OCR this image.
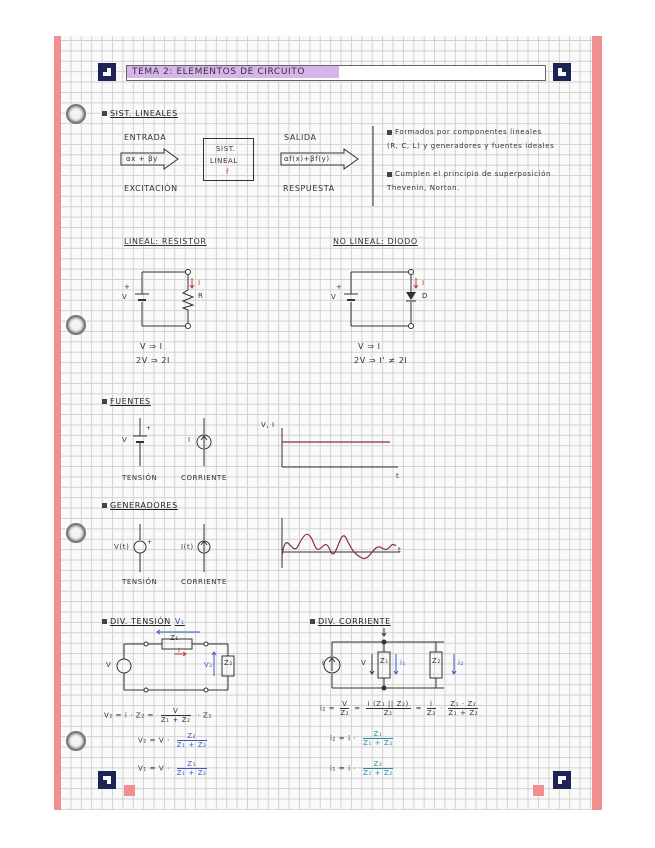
TEMA 2: ELEMENTOS DE CIRCUITO
SIST. LINEALES
ENTRADA
αx + βy
EXCITACIÓN
SIST.
LINEAL
f
SALIDA
αf(x)+βf(y)
RESPUESTA
Formados por componentes lineales
(R, C, L) y generadores y fuentes ideales
Cumplen el principio de superposición
Thevenin, Norton.
LINEAL: RESISTOR
+
V
I
R
V ⇒ I
2V ⇒ 2I
NO LINEAL: DIODO
+
V
I
D
V ⇒ I
2V ⇒ I' ≠ 2I
FUENTES
+
V	I
TENSIÓN	CORRIENTE
V, I
t
GENERADORES
+
V(t)	I(t)
TENSIÓN	CORRIENTE
t
DIV. TENSIÓN V₁
Z₁
i
V	V₂ Z₂
$V_2 = i \cdot Z_2 = \frac{V}{\text{Z₁ + Z₂}} \cdot Z_2$
$V_2 = V \cdot \frac{\text{Z₂}}{\text{Z₁ + Z₂}}$
$V_1 = V \cdot \frac{\text{Z₁}}{\text{Z₁ + Z₂}}$
DIV. CORRIENTE
i	V Z₁ i₁	Z₂ i₂
$i_2 = \frac{V}{\text{Z₂}} = \frac{\text{i (Z₁ || Z₂)}}{\text{Z₂}} = \frac{i}{\text{Z₂}} \cdot \frac{\text{Z₁ · Z₂}}{\text{Z₁ + Z₂}}$
$i_2 = i \cdot \frac{\text{Z₁}}{\text{Z₁ + Z₂}}$
$i_1 = i \cdot \frac{\text{Z₂}}{\text{Z₁ + Z₂}}$
